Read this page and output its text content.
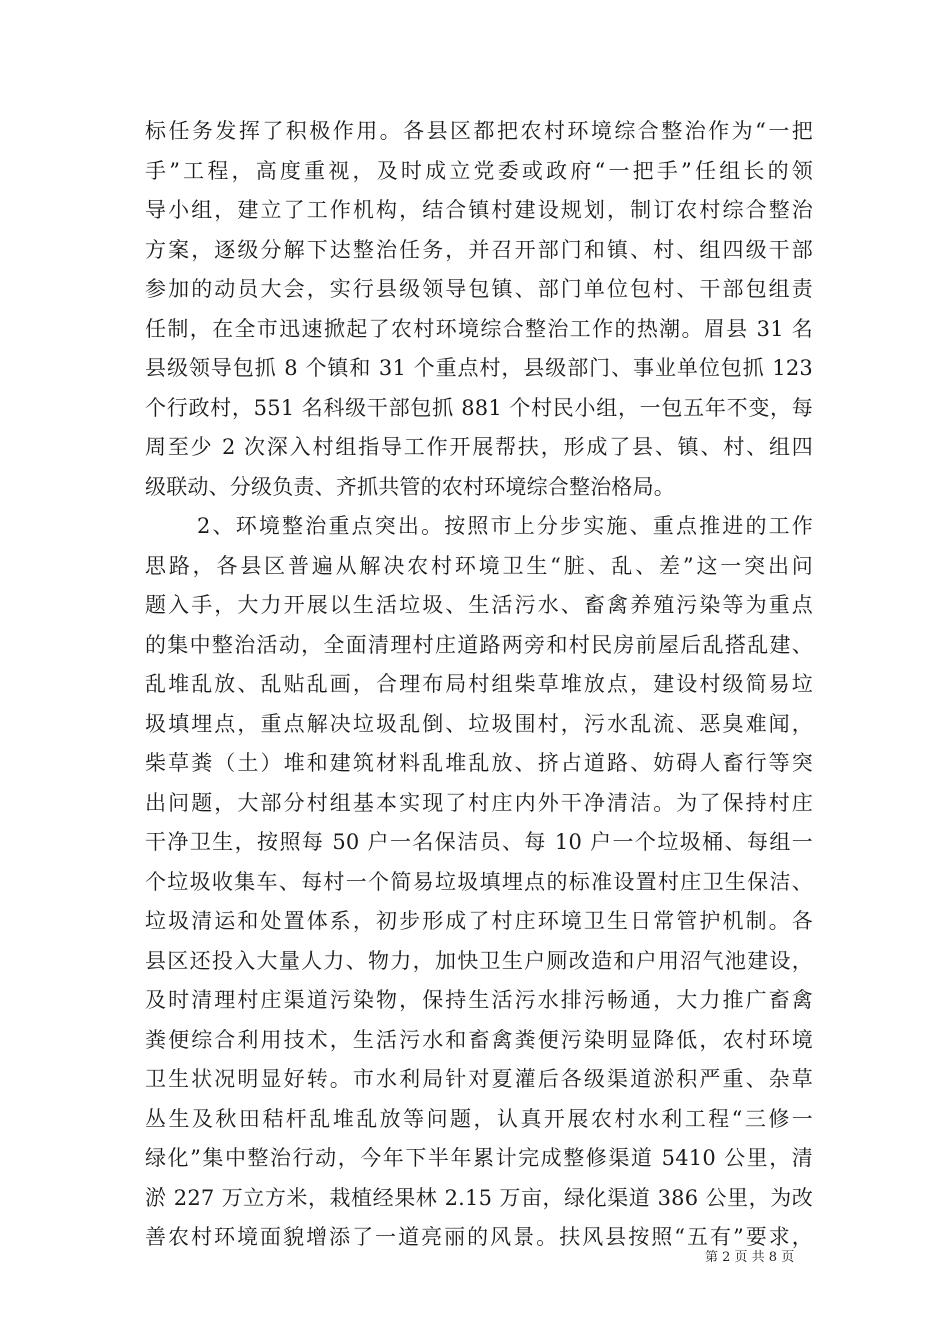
标任务发挥了积极作用。各县区都把农村环境综合整治作为“一把
手”工程，高度重视，及时成立党委或政府“一把手”任组长的领
导小组，建立了工作机构，结合镇村建设规划，制订农村综合整治
方案，逐级分解下达整治任务，并召开部门和镇、村、组四级干部
参加的动员大会，实行县级领导包镇、部门单位包村、干部包组责
任制，在全市迅速掀起了农村环境综合整治工作的热潮。眉县 31 名
县级领导包抓 8 个镇和 31 个重点村，县级部门、事业单位包抓 123
个行政村，551 名科级干部包抓 881 个村民小组，一包五年不变，每
周至少 2 次深入村组指导工作开展帮扶，形成了县、镇、村、组四
级联动、分级负责、齐抓共管的农村环境综合整治格局。
2、环境整治重点突出。按照市上分步实施、重点推进的工作
思路，各县区普遍从解决农村环境卫生“脏、乱、差”这一突出问
题入手，大力开展以生活垃圾、生活污水、畜禽养殖污染等为重点
的集中整治活动，全面清理村庄道路两旁和村民房前屋后乱搭乱建、
乱堆乱放、乱贴乱画，合理布局村组柴草堆放点，建设村级简易垃
圾填埋点，重点解决垃圾乱倒、垃圾围村，污水乱流、恶臭难闻，
柴草粪（土）堆和建筑材料乱堆乱放、挤占道路、妨碍人畜行等突
出问题，大部分村组基本实现了村庄内外干净清洁。为了保持村庄
干净卫生，按照每 50 户一名保洁员、每 10 户一个垃圾桶、每组一
个垃圾收集车、每村一个简易垃圾填埋点的标准设置村庄卫生保洁、
垃圾清运和处置体系，初步形成了村庄环境卫生日常管护机制。各
县区还投入大量人力、物力，加快卫生户厕改造和户用沼气池建设，
及时清理村庄渠道污染物，保持生活污水排污畅通，大力推广畜禽
粪便综合利用技术，生活污水和畜禽粪便污染明显降低，农村环境
卫生状况明显好转。市水利局针对夏灌后各级渠道淤积严重、杂草
丛生及秋田秸杆乱堆乱放等问题，认真开展农村水利工程“三修一
绿化”集中整治行动，今年下半年累计完成整修渠道 5410 公里，清
淤 227 万立方米，栽植经果林 2.15 万亩，绿化渠道 386 公里，为改
善农村环境面貌增添了一道亮丽的风景。扶风县按照“五有”要求，
第 2 页 共 8 页
